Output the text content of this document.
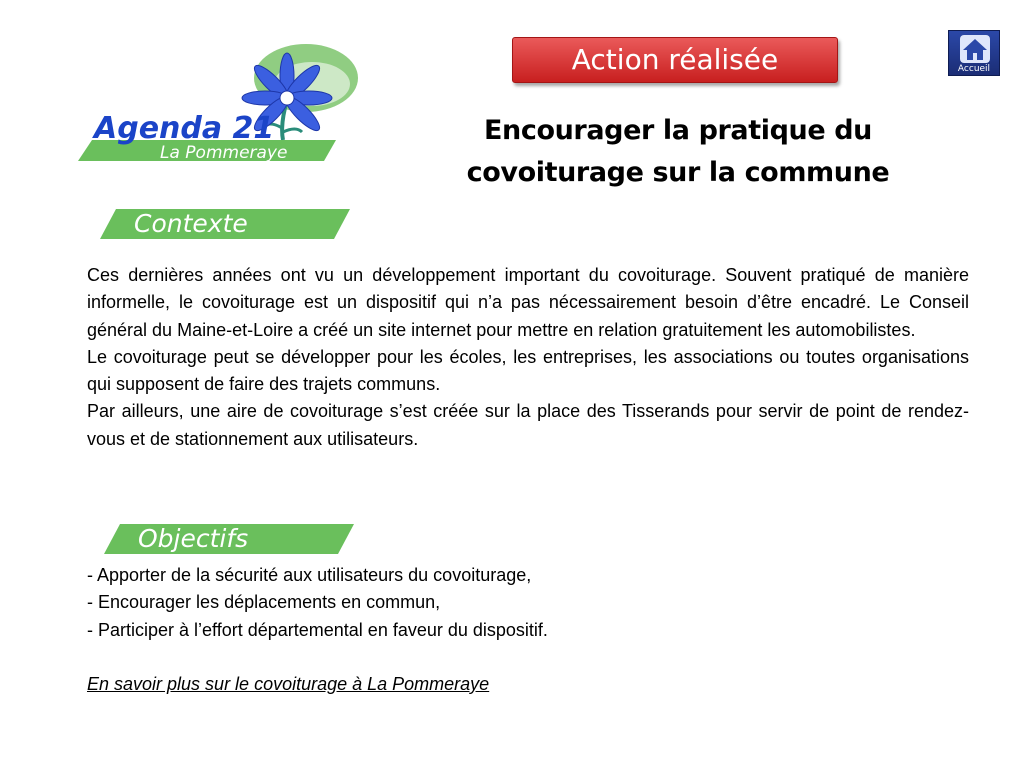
Agenda 21
La Pommeraye
Action réalisée	Accueil
Encourager la pratique du
covoiturage sur la commune
Contexte

Ces dernières années ont vu un développement important du covoiturage. Souvent pratiqué de manière informelle, le covoiturage est un dispositif qui n’a pas nécessairement besoin d’être encadré. Le Conseil général du Maine-et-Loire a créé un site internet pour mettre en relation gratuitement les automobilistes.

Le covoiturage peut se développer pour les écoles, les entreprises, les associations ou toutes organisations qui supposent de faire des trajets communs.

Par ailleurs, une aire de covoiturage s’est créée sur la place des Tisserands pour servir de point de rendez-vous et de stationnement aux utilisateurs.

Objectifs
- Apporter de la sécurité aux utilisateurs du covoiturage,
- Encourager les déplacements en commun,
- Participer à l’effort départemental en faveur du dispositif.
En savoir plus sur le covoiturage à La Pommeraye
